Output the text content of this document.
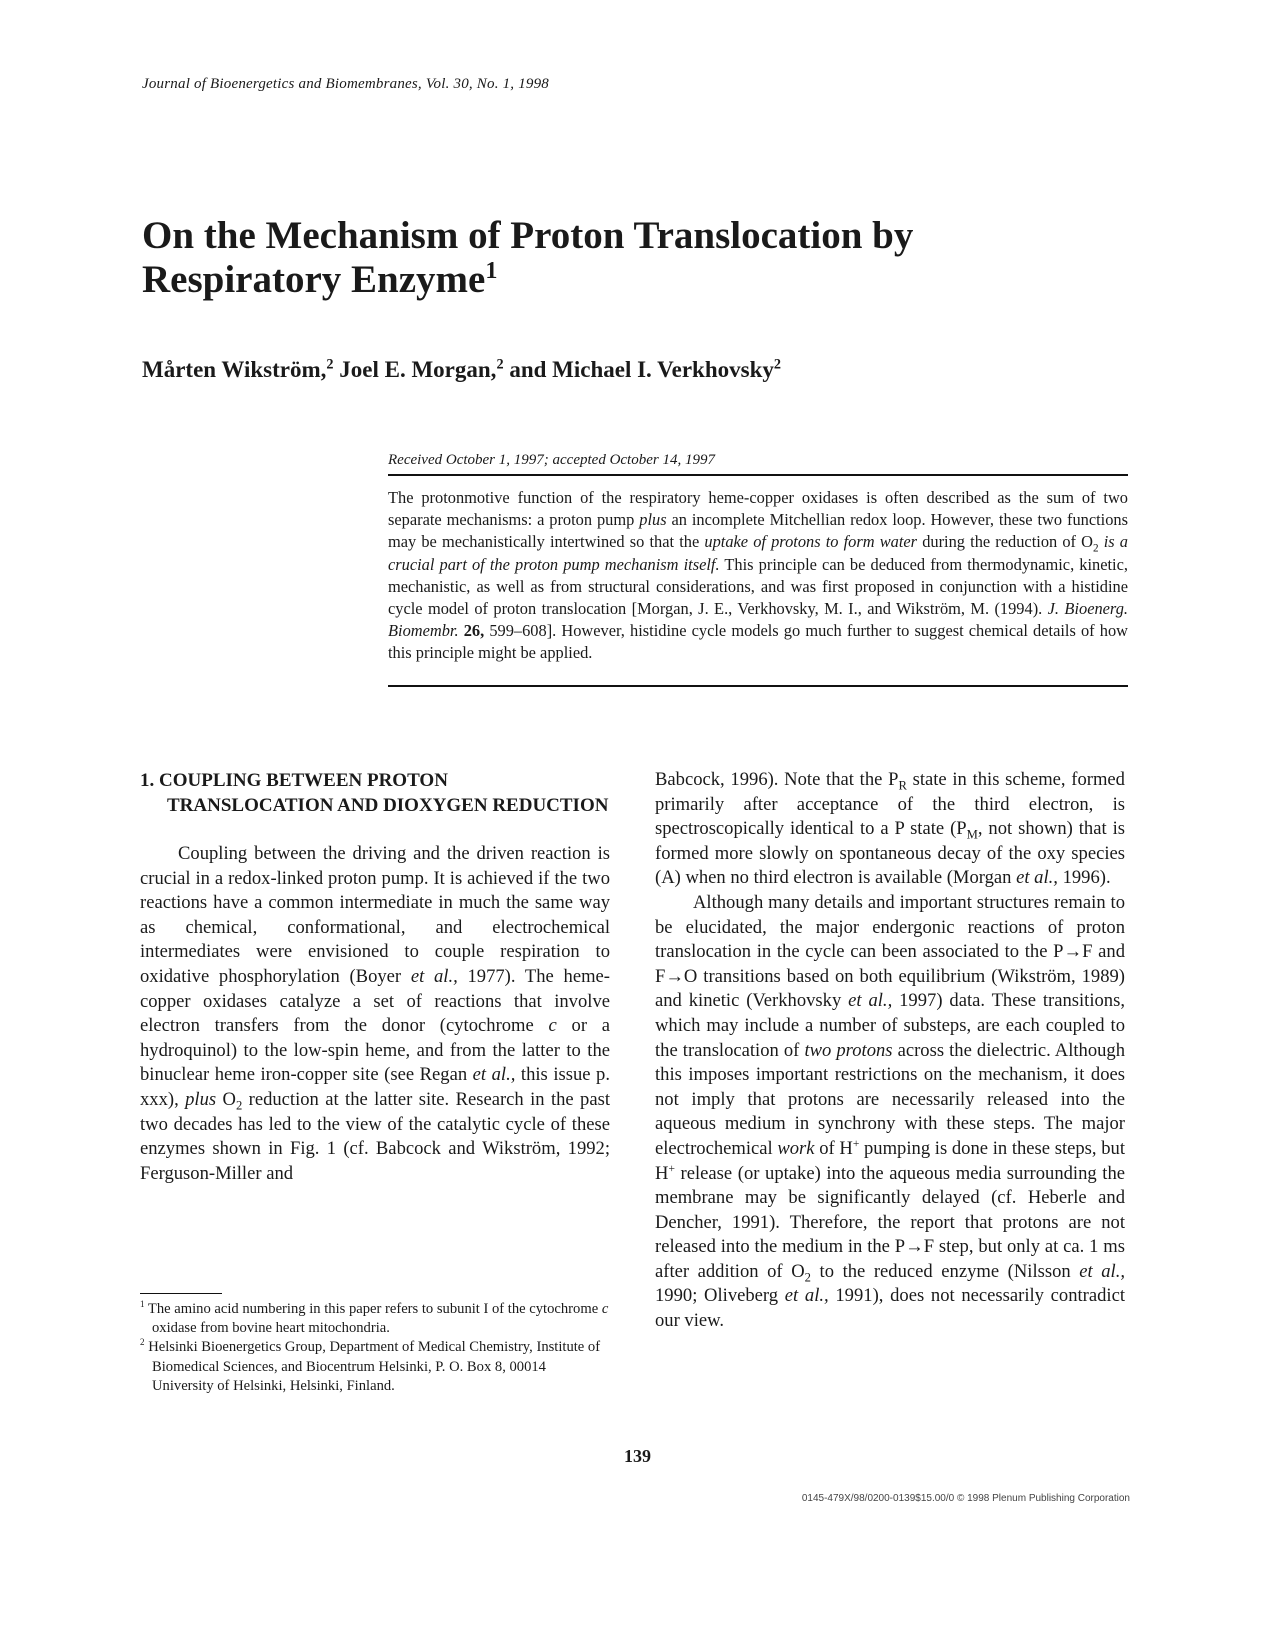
Journal of Bioenergetics and Biomembranes, Vol. 30, No. 1, 1998
On the Mechanism of Proton Translocation by
Respiratory Enzyme$^1$
Mårten Wikström,$^2$ Joel E. Morgan,$^2$ and Michael I. Verkhovsky$^2$
Received October 1, 1997; accepted October 14, 1997
The protonmotive function of the respiratory heme-copper oxidases is often described as the sum of two separate mechanisms: a proton pump plus an incomplete Mitchellian redox loop. However, these two functions may be mechanistically intertwined so that the uptake of protons to form water during the reduction of $O_2$ is a crucial part of the proton pump mechanism itself. This principle can be deduced from thermodynamic, kinetic, mechanistic, as well as from structural considerations, and was first proposed in conjunction with a histidine cycle model of proton translocation [Morgan, J. E., Verkhovsky, M. I., and Wikström, M. (1994). J. Bioenerg. Biomembr. 26, 599–608]. However, histidine cycle models go much further to suggest chemical details of how this principle might be applied.
1. COUPLING BETWEEN PROTON TRANSLOCATION AND DIOXYGEN REDUCTION

Coupling between the driving and the driven reaction is crucial in a redox-linked proton pump. It is achieved if the two reactions have a common intermediate in much the same way as chemical, conformational, and electrochemical intermediates were envisioned to couple respiration to oxidative phosphorylation (Boyer et al., 1977). The heme-copper oxidases catalyze a set of reactions that involve electron transfers from the donor (cytochrome c or a hydroquinol) to the low-spin heme, and from the latter to the binuclear heme iron-copper site (see Regan et al., this issue p. xxx), plus $O_2$ reduction at the latter site. Research in the past two decades has led to the view of the catalytic cycle of these enzymes shown in Fig. 1 (cf. Babcock and Wikström, 1992; Ferguson-Miller and

$^1$ The amino acid numbering in this paper refers to subunit I of the cytochrome c oxidase from bovine heart mitochondria.

$^2$ Helsinki Bioenergetics Group, Department of Medical Chemistry, Institute of Biomedical Sciences, and Biocentrum Helsinki, P. O. Box 8, 00014 University of Helsinki, Helsinki, Finland.

Babcock, 1996). Note that the $P_R$ state in this scheme, formed primarily after acceptance of the third electron, is spectroscopically identical to a P state ($P_M$, not shown) that is formed more slowly on spontaneous decay of the oxy species (A) when no third electron is available (Morgan et al., 1996).

Although many details and important structures remain to be elucidated, the major endergonic reactions of proton translocation in the cycle can been associated to the P→F and F→O transitions based on both equilibrium (Wikström, 1989) and kinetic (Verkhovsky et al., 1997) data. These transitions, which may include a number of substeps, are each coupled to the translocation of two protons across the dielectric. Although this imposes important restrictions on the mechanism, it does not imply that protons are necessarily released into the aqueous medium in synchrony with these steps. The major electrochemical work of H+ pumping is done in these steps, but H+ release (or uptake) into the aqueous media surrounding the membrane may be significantly delayed (cf. Heberle and Dencher, 1991). Therefore, the report that protons are not released into the medium in the P→F step, but only at ca. 1 ms after addition of $O_2$ to the reduced enzyme (Nilsson et al., 1990; Oliveberg et al., 1991), does not necessarily contradict our view.

139
0145-479X/98/0200-0139$15.00/0 © 1998 Plenum Publishing Corporation
